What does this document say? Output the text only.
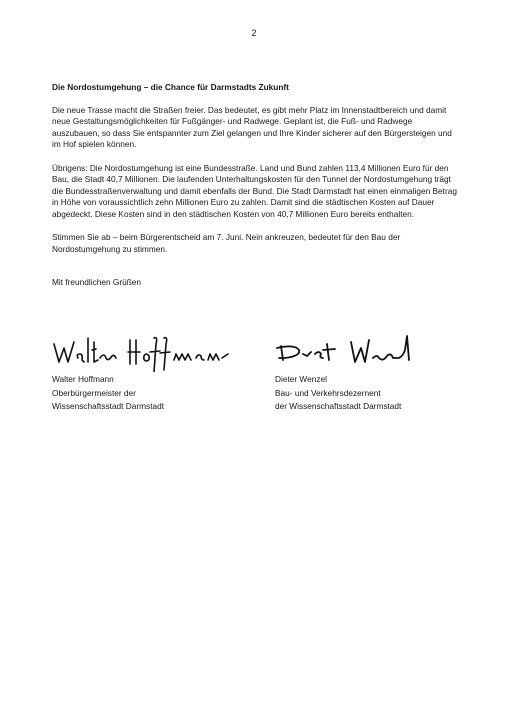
2

Die Nordostumgehung – die Chance für Darmstadts Zukunft

Die neue Trasse macht die Straßen freier. Das bedeutet, es gibt mehr Platz im Innenstadtbereich und damit neue Gestaltungsmöglichkeiten für Fußgänger- und Radwege. Geplant ist, die Fuß- und Radwege auszubauen, so dass Sie entspannter zum Ziel gelangen und Ihre Kinder sicherer auf den Bürgersteigen und im Hof spielen können.

Übrigens: Die Nordostumgehung ist eine Bundesstraße. Land und Bund zahlen 113,4 Millionen Euro für den Bau, die Stadt 40,7 Millionen. Die laufenden Unterhaltungskosten für den Tunnel der Nordostumgehung trägt die Bundesstraßenverwaltung und damit ebenfalls der Bund. Die Stadt Darmstadt hat einen einmaligen Betrag in Höhe von voraussichtlich zehn Millionen Euro zu zahlen. Damit sind die städtischen Kosten auf Dauer abgedeckt. Diese Kosten sind in den städtischen Kosten von 40,7 Millionen Euro bereits enthalten.

Stimmen Sie ab – beim Bürgerentscheid am 7. Juni. Nein ankreuzen, bedeutet für den Bau der Nordostumgehung zu stimmen.

Mit freundlichen Grüßen

Walter Hoffmann
Oberbürgermeister der
Wissenschaftsstadt Darmstadt
Dieter Wenzel
Bau- und Verkehrsdezernent
der Wissenschaftsstadt Darmstadt
